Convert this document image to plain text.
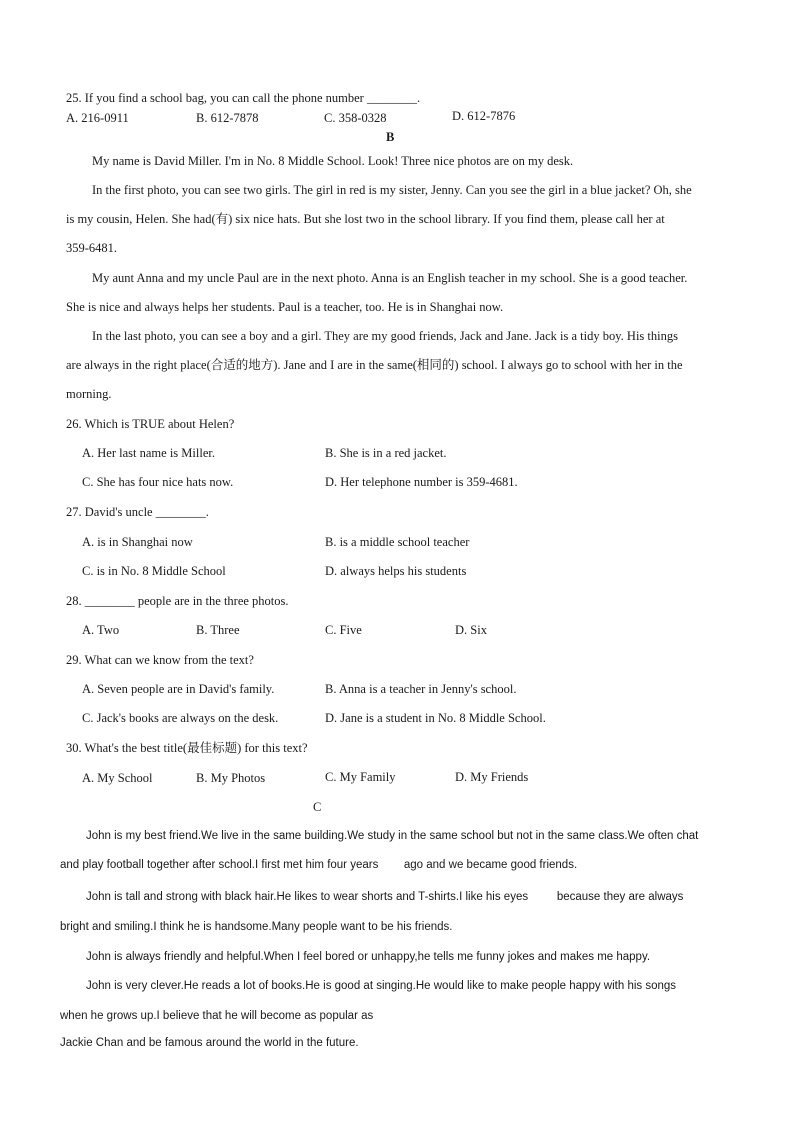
25. If you find a school bag, you can call the phone number ________.
A. 216-0911	B. 612-7878	C. 358-0328	D. 612-7876
B
My name is David Miller. I'm in No. 8 Middle School. Look! Three nice photos are on my desk.
In the first photo, you can see two girls. The girl in red is my sister, Jenny. Can you see the girl in a blue jacket? Oh, she
is my cousin, Helen. She had(有) six nice hats. But she lost two in the school library. If you find them, please call her at
359-6481.
My aunt Anna and my uncle Paul are in the next photo. Anna is an English teacher in my school. She is a good teacher.
She is nice and always helps her students. Paul is a teacher, too. He is in Shanghai now.
In the last photo, you can see a boy and a girl. They are my good friends, Jack and Jane. Jack is a tidy boy. His things
are always in the right place(合适的地方). Jane and I are in the same(相同的) school. I always go to school with her in the
morning.
26. Which is TRUE about Helen?
A. Her last name is Miller.	B. She is in a red jacket.
C. She has four nice hats now.	D. Her telephone number is 359-4681.
27. David's uncle ________.
A. is in Shanghai now	B. is a middle school teacher
C. is in No. 8 Middle School	D. always helps his students
28. ________ people are in the three photos.
A. Two	B. Three	C. Five	D. Six
29. What can we know from the text?
A. Seven people are in David's family.	B. Anna is a teacher in Jenny's school.
C. Jack's books are always on the desk.	D. Jane is a student in No. 8 Middle School.
30. What's the best title(最佳标题) for this text?
A. My School	B. My Photos	C. My Family	D. My Friends
C
John is my best friend.We live in the same building.We study in the same school but not in the same class.We often chat
and play football together after school.I first met him four years        ago and we became good friends.
John is tall and strong with black hair.He likes to wear shorts and T-shirts.I like his eyes         because they are always
bright and smiling.I think he is handsome.Many people want to be his friends.
John is always friendly and helpful.When I feel bored or unhappy,he tells me funny jokes and makes me happy.
John is very clever.He reads a lot of books.He is good at singing.He would like to make people happy with his songs
when he grows up.I believe that he will become as popular as
Jackie Chan and be famous around the world in the future.
